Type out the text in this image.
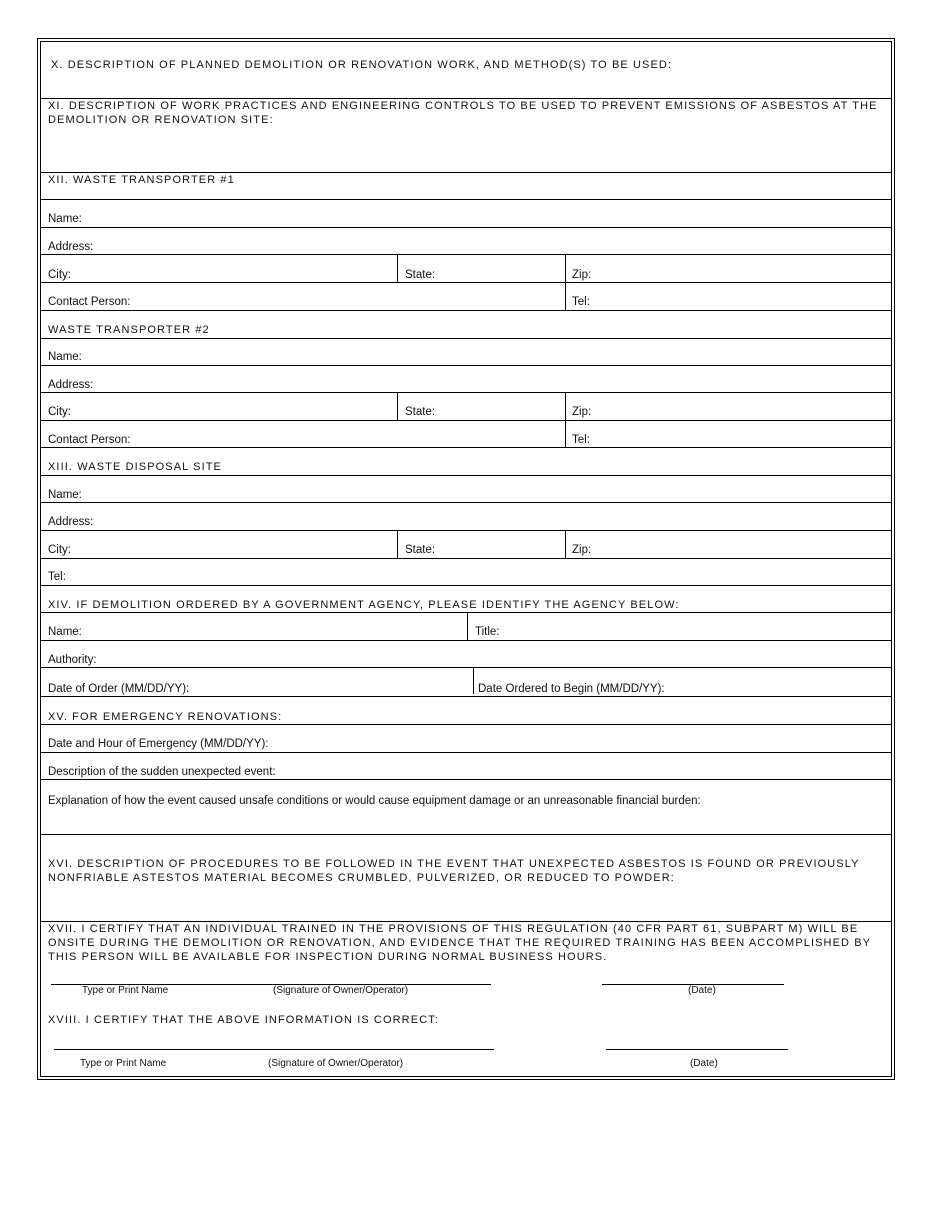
X. DESCRIPTION OF PLANNED DEMOLITION OR RENOVATION WORK, AND METHOD(S) TO BE USED:
XI. DESCRIPTION OF WORK PRACTICES AND ENGINEERING CONTROLS TO BE USED TO PREVENT EMISSIONS OF ASBESTOS AT THE DEMOLITION OR RENOVATION SITE:
XII. WASTE TRANSPORTER #1
Name:
Address:
City:	State:	Zip:
Contact Person:	Tel:
WASTE TRANSPORTER #2
Name:
Address:
City:	State:	Zip:
Contact Person:	Tel:
XIII. WASTE DISPOSAL SITE
Name:
Address:
City:	State:	Zip:
Tel:
XIV. IF DEMOLITION ORDERED BY A GOVERNMENT AGENCY, PLEASE IDENTIFY THE AGENCY BELOW:
Name:	Title:
Authority:
Date of Order (MM/DD/YY):	Date Ordered to Begin (MM/DD/YY):
XV. FOR EMERGENCY RENOVATIONS:
Date and Hour of Emergency (MM/DD/YY):
Description of the sudden unexpected event:
Explanation of how the event caused unsafe conditions or would cause equipment damage or an unreasonable financial burden:
XVI. DESCRIPTION OF PROCEDURES TO BE FOLLOWED IN THE EVENT THAT UNEXPECTED ASBESTOS IS FOUND OR PREVIOUSLY NONFRIABLE ASTESTOS MATERIAL BECOMES CRUMBLED, PULVERIZED, OR REDUCED TO POWDER:
XVII. I CERTIFY THAT AN INDIVIDUAL TRAINED IN THE PROVISIONS OF THIS REGULATION (40 CFR PART 61, SUBPART M) WILL BE ONSITE DURING THE DEMOLITION OR RENOVATION, AND EVIDENCE THAT THE REQUIRED TRAINING HAS BEEN ACCOMPLISHED BY THIS PERSON WILL BE AVAILABLE FOR INSPECTION DURING NORMAL BUSINESS HOURS.
Type or Print Name	(Signature of Owner/Operator)	(Date)
XVIII. I CERTIFY THAT THE ABOVE INFORMATION IS CORRECT:
Type or Print Name	(Signature of Owner/Operator)	(Date)
